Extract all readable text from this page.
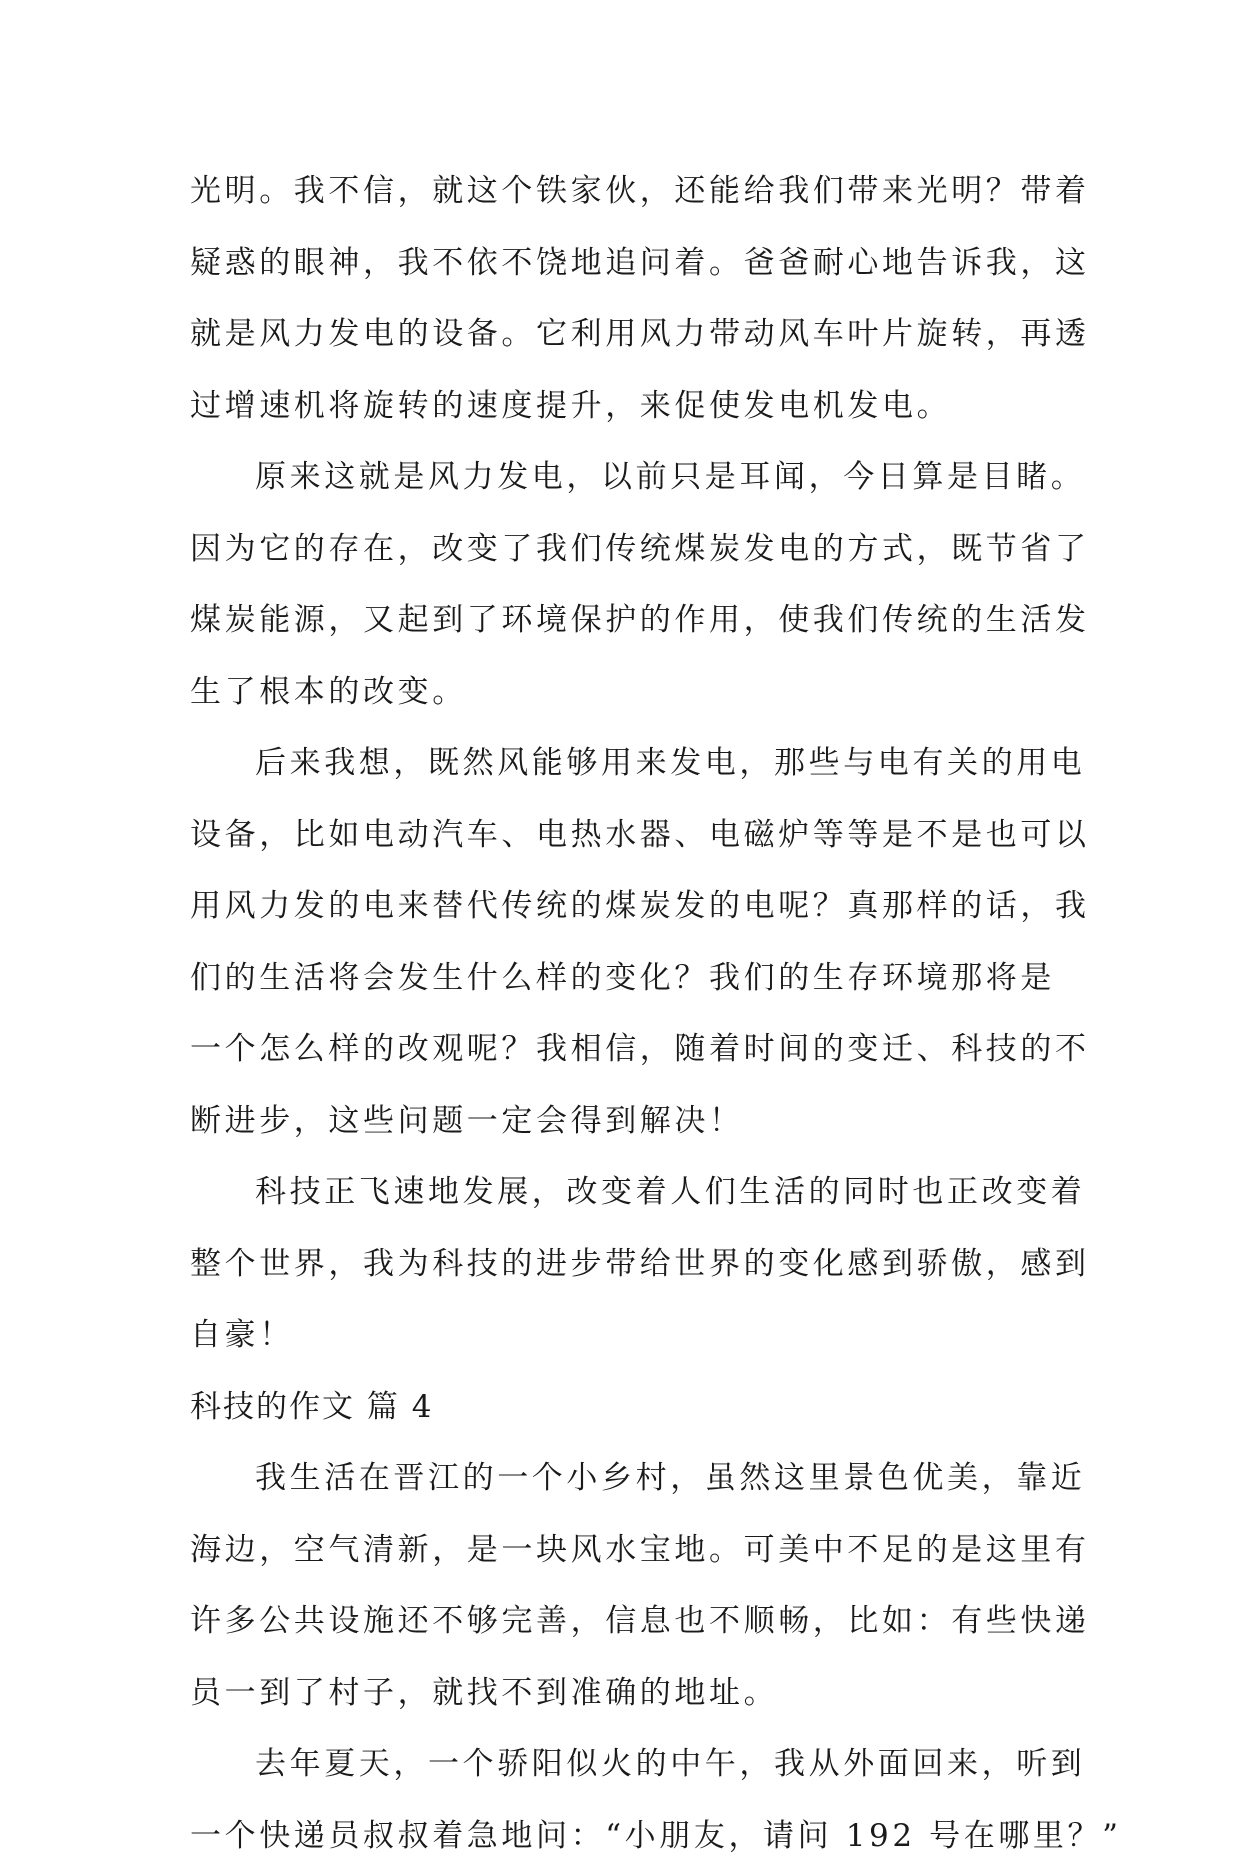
光明。我不信，就这个铁家伙，还能给我们带来光明？带着
疑惑的眼神，我不依不饶地追问着。爸爸耐心地告诉我，这
就是风力发电的设备。它利用风力带动风车叶片旋转，再透
过增速机将旋转的速度提升，来促使发电机发电。
原来这就是风力发电，以前只是耳闻，今日算是目睹。
因为它的存在，改变了我们传统煤炭发电的方式，既节省了
煤炭能源，又起到了环境保护的作用，使我们传统的生活发
生了根本的改变。
后来我想，既然风能够用来发电，那些与电有关的用电
设备，比如电动汽车、电热水器、电磁炉等等是不是也可以
用风力发的电来替代传统的煤炭发的电呢？真那样的话，我
们的生活将会发生什么样的变化？我们的生存环境那将是
一个怎么样的改观呢？我相信，随着时间的变迁、科技的不
断进步，这些问题一定会得到解决！
科技正飞速地发展，改变着人们生活的同时也正改变着
整个世界，我为科技的进步带给世界的变化感到骄傲，感到
自豪！
科技的作文 篇 4
我生活在晋江的一个小乡村，虽然这里景色优美，靠近
海边，空气清新，是一块风水宝地。可美中不足的是这里有
许多公共设施还不够完善，信息也不顺畅，比如：有些快递
员一到了村子，就找不到准确的地址。
去年夏天，一个骄阳似火的中午，我从外面回来，听到
一个快递员叔叔着急地问：“小朋友，请问 192 号在哪里？”
